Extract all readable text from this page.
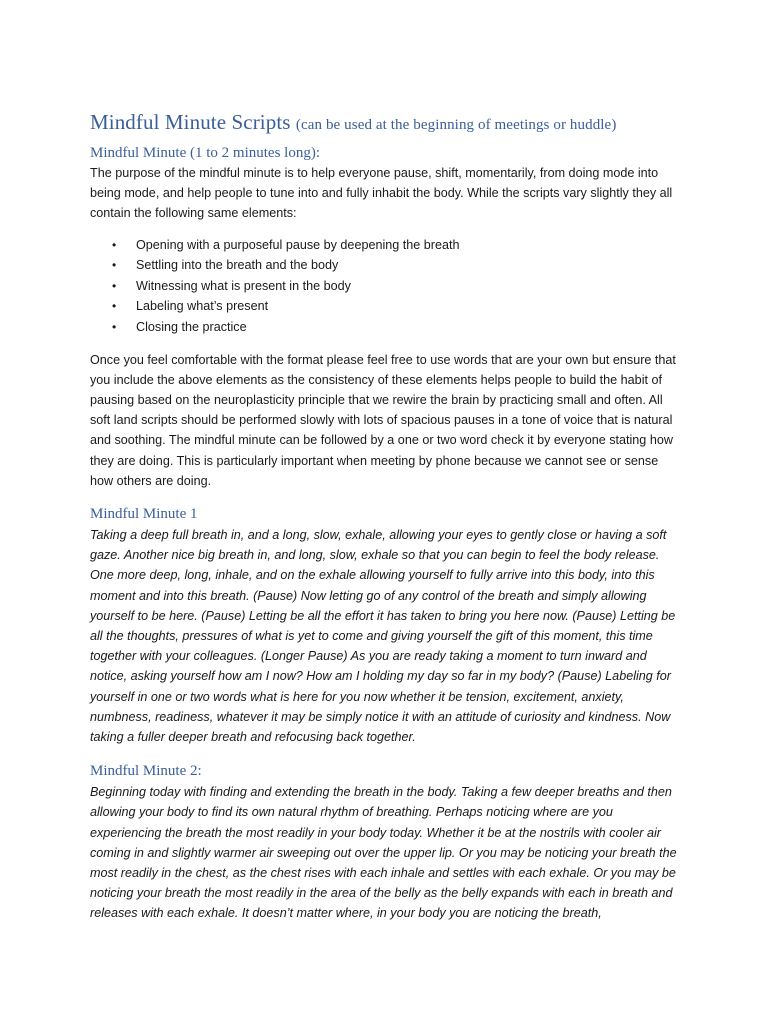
Mindful Minute Scripts (can be used at the beginning of meetings or huddle)
Mindful Minute (1 to 2 minutes long):

The purpose of the mindful minute is to help everyone pause, shift, momentarily, from doing mode into being mode, and help people to tune into and fully inhabit the body. While the scripts vary slightly they all contain the following same elements:

• Opening with a purposeful pause by deepening the breath
• Settling into the breath and the body
• Witnessing what is present in the body
• Labeling what’s present
• Closing the practice

Once you feel comfortable with the format please feel free to use words that are your own but ensure that you include the above elements as the consistency of these elements helps people to build the habit of pausing based on the neuroplasticity principle that we rewire the brain by practicing small and often. All soft land scripts should be performed slowly with lots of spacious pauses in a tone of voice that is natural and soothing. The mindful minute can be followed by a one or two word check it by everyone stating how they are doing. This is particularly important when meeting by phone because we cannot see or sense how others are doing.

Mindful Minute 1

Taking a deep full breath in, and a long, slow, exhale, allowing your eyes to gently close or having a soft gaze. Another nice big breath in, and long, slow, exhale so that you can begin to feel the body release. One more deep, long, inhale, and on the exhale allowing yourself to fully arrive into this body, into this moment and into this breath. (Pause) Now letting go of any control of the breath and simply allowing yourself to be here. (Pause) Letting be all the effort it has taken to bring you here now. (Pause) Letting be all the thoughts, pressures of what is yet to come and giving yourself the gift of this moment, this time together with your colleagues. (Longer Pause) As you are ready taking a moment to turn inward and notice, asking yourself how am I now? How am I holding my day so far in my body? (Pause) Labeling for yourself in one or two words what is here for you now whether it be tension, excitement, anxiety, numbness, readiness, whatever it may be simply notice it with an attitude of curiosity and kindness. Now taking a fuller deeper breath and refocusing back together.

Mindful Minute 2:

Beginning today with finding and extending the breath in the body. Taking a few deeper breaths and then allowing your body to find its own natural rhythm of breathing. Perhaps noticing where are you experiencing the breath the most readily in your body today. Whether it be at the nostrils with cooler air coming in and slightly warmer air sweeping out over the upper lip. Or you may be noticing your breath the most readily in the chest, as the chest rises with each inhale and settles with each exhale. Or you may be noticing your breath the most readily in the area of the belly as the belly expands with each in breath and releases with each exhale. It doesn’t matter where, in your body you are noticing the breath,
